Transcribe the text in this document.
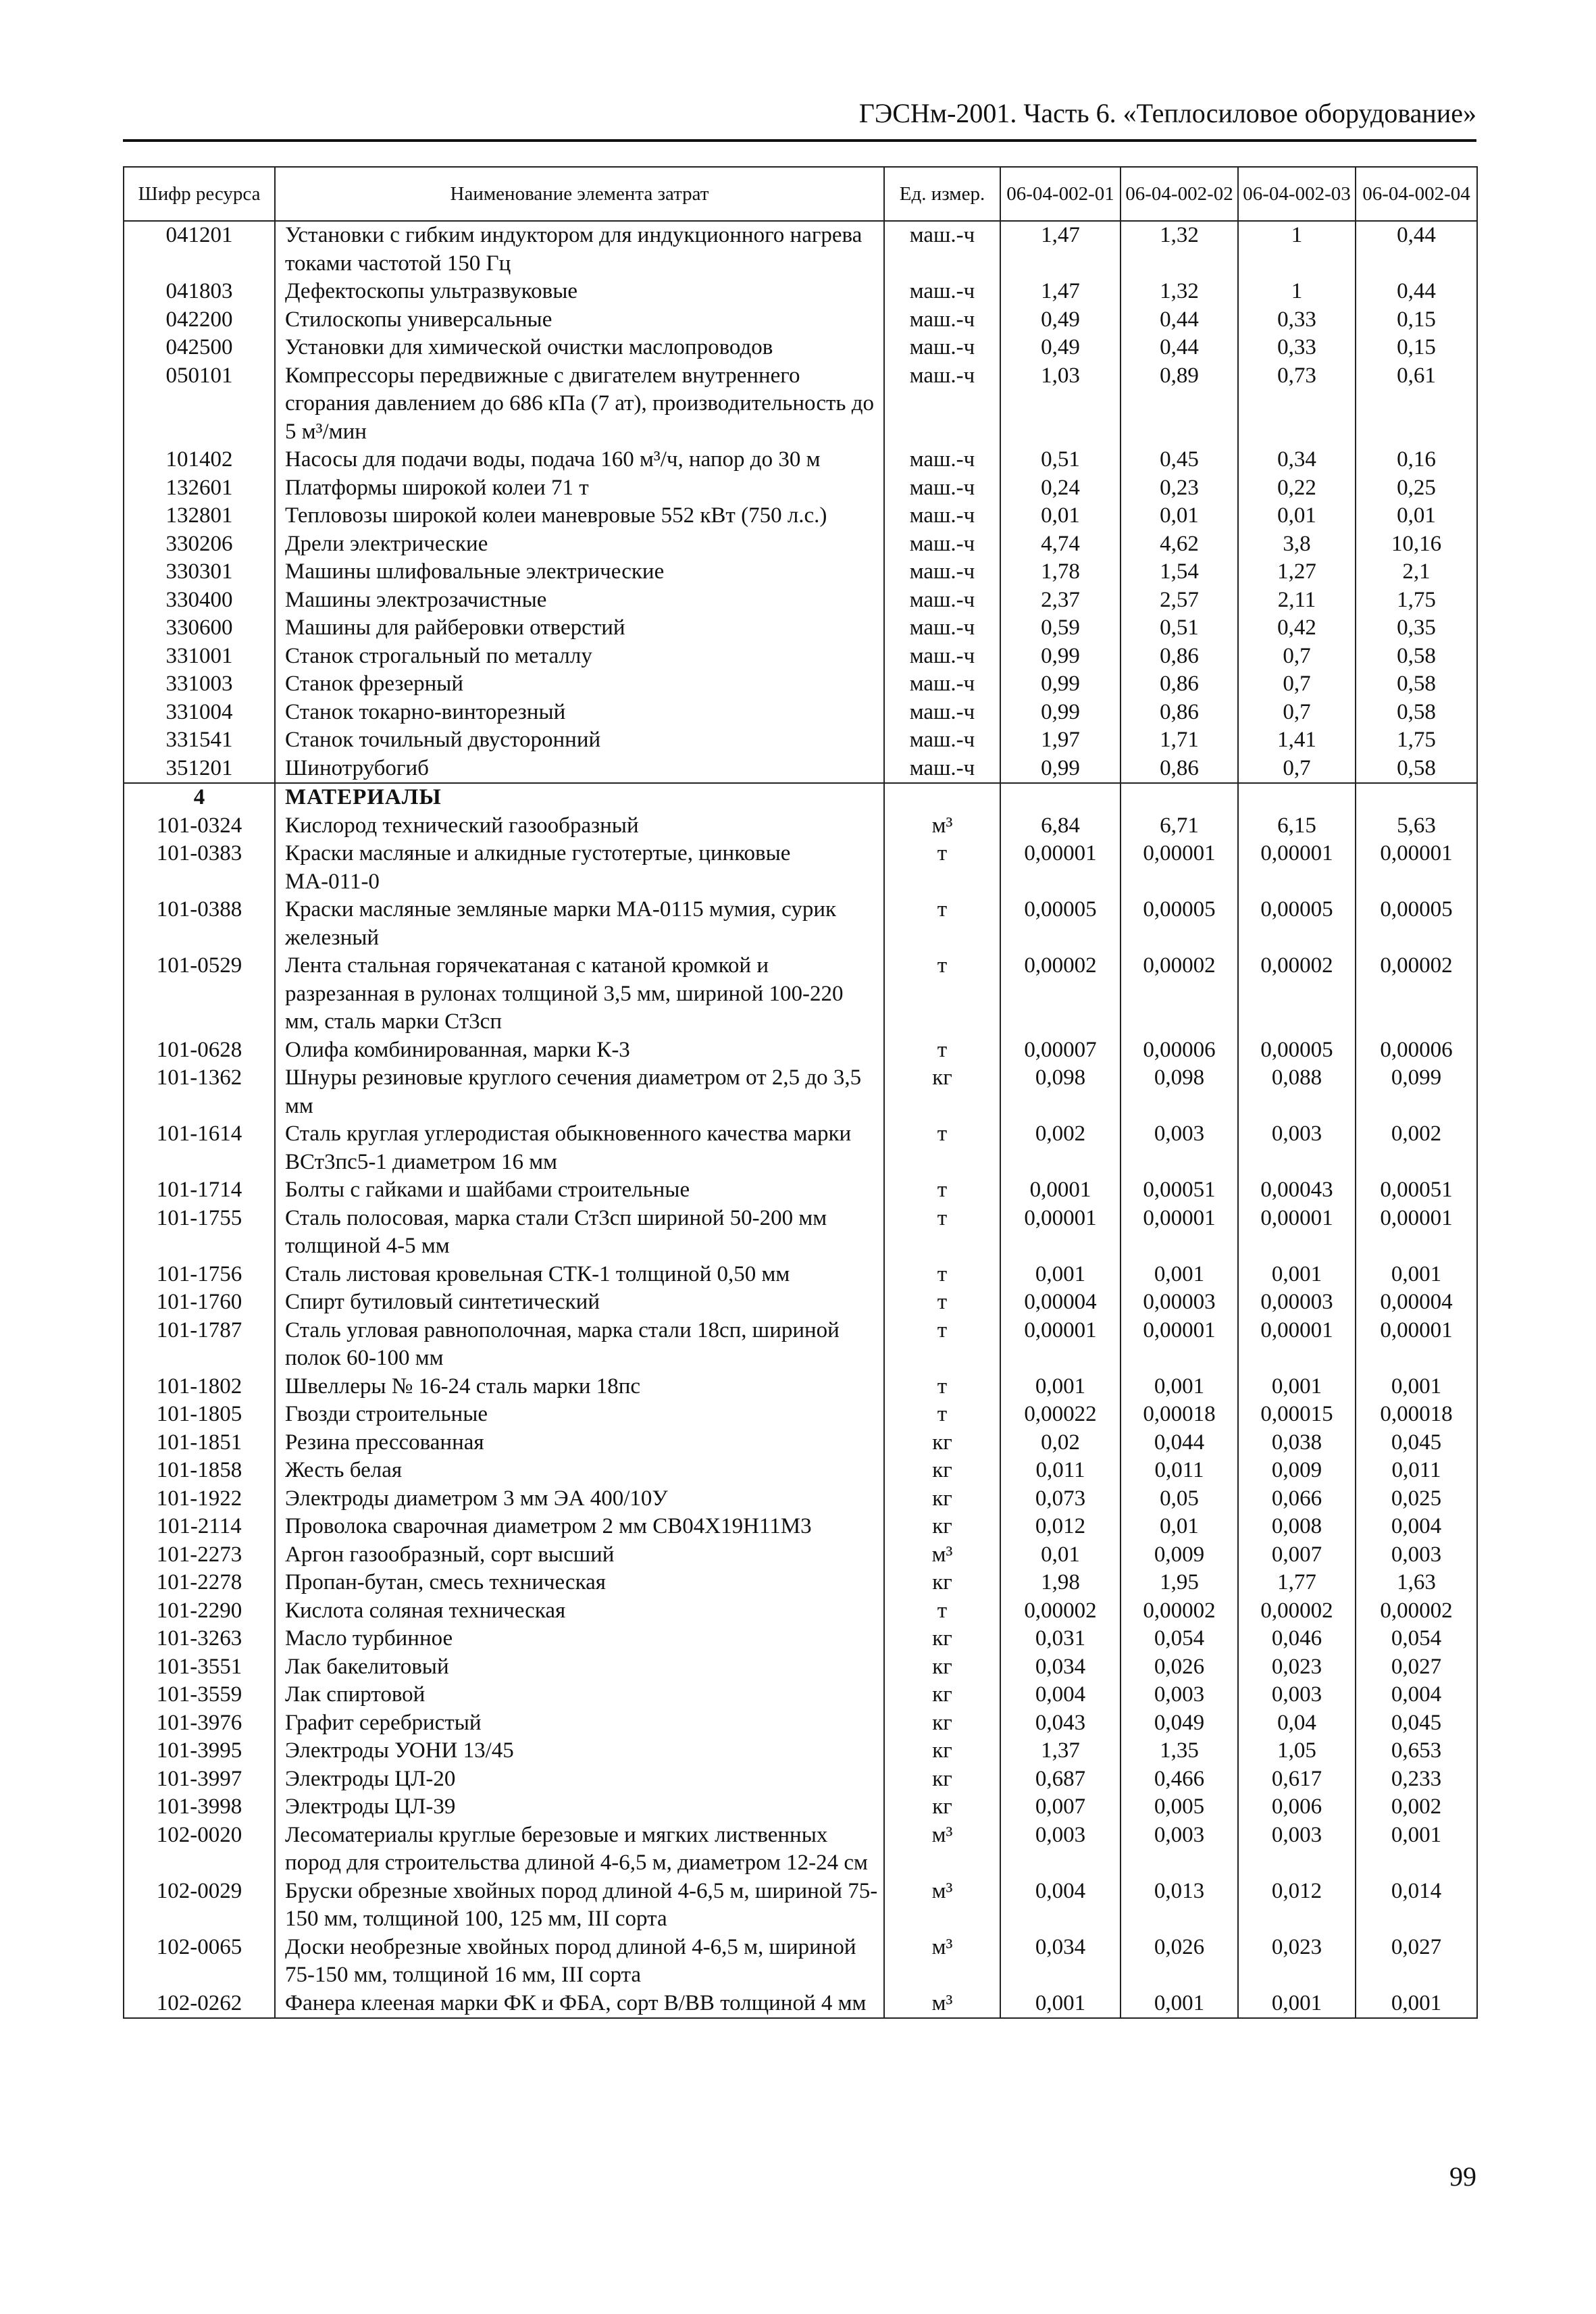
ГЭСНм-2001. Часть 6. «Теплосиловое оборудование»
Шифр ресурса	Наименование элемента затрат	Ед. измер.	06-04-002-01	06-04-002-02	06-04-002-03	06-04-002-04
041201	Установки с гибким индуктором для индукционного нагрева токами частотой 150 Гц	маш.-ч	1,47	1,32	1	0,44
041803	Дефектоскопы ультразвуковые	маш.-ч	1,47	1,32	1	0,44
042200	Стилоскопы универсальные	маш.-ч	0,49	0,44	0,33	0,15
042500	Установки для химической очистки маслопроводов	маш.-ч	0,49	0,44	0,33	0,15
050101	Компрессоры передвижные с двигателем внутреннего сгорания давлением до 686 кПа (7 ат), производительность до 5 м³/мин	маш.-ч	1,03	0,89	0,73	0,61
101402	Насосы для подачи воды, подача 160 м³/ч, напор до 30 м	маш.-ч	0,51	0,45	0,34	0,16
132601	Платформы широкой колеи 71 т	маш.-ч	0,24	0,23	0,22	0,25
132801	Тепловозы широкой колеи маневровые 552 кВт (750 л.с.)	маш.-ч	0,01	0,01	0,01	0,01
330206	Дрели электрические	маш.-ч	4,74	4,62	3,8	10,16
330301	Машины шлифовальные электрические	маш.-ч	1,78	1,54	1,27	2,1
330400	Машины электрозачистные	маш.-ч	2,37	2,57	2,11	1,75
330600	Машины для райберовки отверстий	маш.-ч	0,59	0,51	0,42	0,35
331001	Станок строгальный по металлу	маш.-ч	0,99	0,86	0,7	0,58
331003	Станок фрезерный	маш.-ч	0,99	0,86	0,7	0,58
331004	Станок токарно-винторезный	маш.-ч	0,99	0,86	0,7	0,58
331541	Станок точильный двусторонний	маш.-ч	1,97	1,71	1,41	1,75
351201	Шинотрубогиб	маш.-ч	0,99	0,86	0,7	0,58
4	МАТЕРИАЛЫ					
101-0324	Кислород технический газообразный	м³	6,84	6,71	6,15	5,63
101-0383	Краски масляные и алкидные густотертые, цинковые МА-011-0	т	0,00001	0,00001	0,00001	0,00001
101-0388	Краски масляные земляные марки МА-0115 мумия, сурик железный	т	0,00005	0,00005	0,00005	0,00005
101-0529	Лента стальная горячекатаная с катаной кромкой и разрезанная в рулонах толщиной 3,5 мм, шириной 100-220 мм, сталь марки Ст3сп	т	0,00002	0,00002	0,00002	0,00002
101-0628	Олифа комбинированная, марки К-3	т	0,00007	0,00006	0,00005	0,00006
101-1362	Шнуры резиновые круглого сечения диаметром от 2,5 до 3,5 мм	кг	0,098	0,098	0,088	0,099
101-1614	Сталь круглая углеродистая обыкновенного качества марки ВСт3пс5-1 диаметром 16 мм	т	0,002	0,003	0,003	0,002
101-1714	Болты с гайками и шайбами строительные	т	0,0001	0,00051	0,00043	0,00051
101-1755	Сталь полосовая, марка стали Ст3сп шириной 50-200 мм толщиной 4-5 мм	т	0,00001	0,00001	0,00001	0,00001
101-1756	Сталь листовая кровельная СТК-1 толщиной 0,50 мм	т	0,001	0,001	0,001	0,001
101-1760	Спирт бутиловый синтетический	т	0,00004	0,00003	0,00003	0,00004
101-1787	Сталь угловая равнополочная, марка стали 18сп, шириной полок 60-100 мм	т	0,00001	0,00001	0,00001	0,00001
101-1802	Швеллеры № 16-24 сталь марки 18пс	т	0,001	0,001	0,001	0,001
101-1805	Гвозди строительные	т	0,00022	0,00018	0,00015	0,00018
101-1851	Резина прессованная	кг	0,02	0,044	0,038	0,045
101-1858	Жесть белая	кг	0,011	0,011	0,009	0,011
101-1922	Электроды диаметром 3 мм ЭА 400/10У	кг	0,073	0,05	0,066	0,025
101-2114	Проволока сварочная диаметром 2 мм СВ04Х19Н11М3	кг	0,012	0,01	0,008	0,004
101-2273	Аргон газообразный, сорт высший	м³	0,01	0,009	0,007	0,003
101-2278	Пропан-бутан, смесь техническая	кг	1,98	1,95	1,77	1,63
101-2290	Кислота соляная техническая	т	0,00002	0,00002	0,00002	0,00002
101-3263	Масло турбинное	кг	0,031	0,054	0,046	0,054
101-3551	Лак бакелитовый	кг	0,034	0,026	0,023	0,027
101-3559	Лак спиртовой	кг	0,004	0,003	0,003	0,004
101-3976	Графит серебристый	кг	0,043	0,049	0,04	0,045
101-3995	Электроды УОНИ 13/45	кг	1,37	1,35	1,05	0,653
101-3997	Электроды ЦЛ-20	кг	0,687	0,466	0,617	0,233
101-3998	Электроды ЦЛ-39	кг	0,007	0,005	0,006	0,002
102-0020	Лесоматериалы круглые березовые и мягких лиственных пород для строительства длиной 4-6,5 м, диаметром 12-24 см	м³	0,003	0,003	0,003	0,001
102-0029	Бруски обрезные хвойных пород длиной 4-6,5 м, шириной 75-150 мм, толщиной 100, 125 мм, III сорта	м³	0,004	0,013	0,012	0,014
102-0065	Доски необрезные хвойных пород длиной 4-6,5 м, шириной 75-150 мм, толщиной 16 мм, III сорта	м³	0,034	0,026	0,023	0,027
102-0262	Фанера клееная марки ФК и ФБА, сорт В/ВВ толщиной 4 мм	м³	0,001	0,001	0,001	0,001
99
